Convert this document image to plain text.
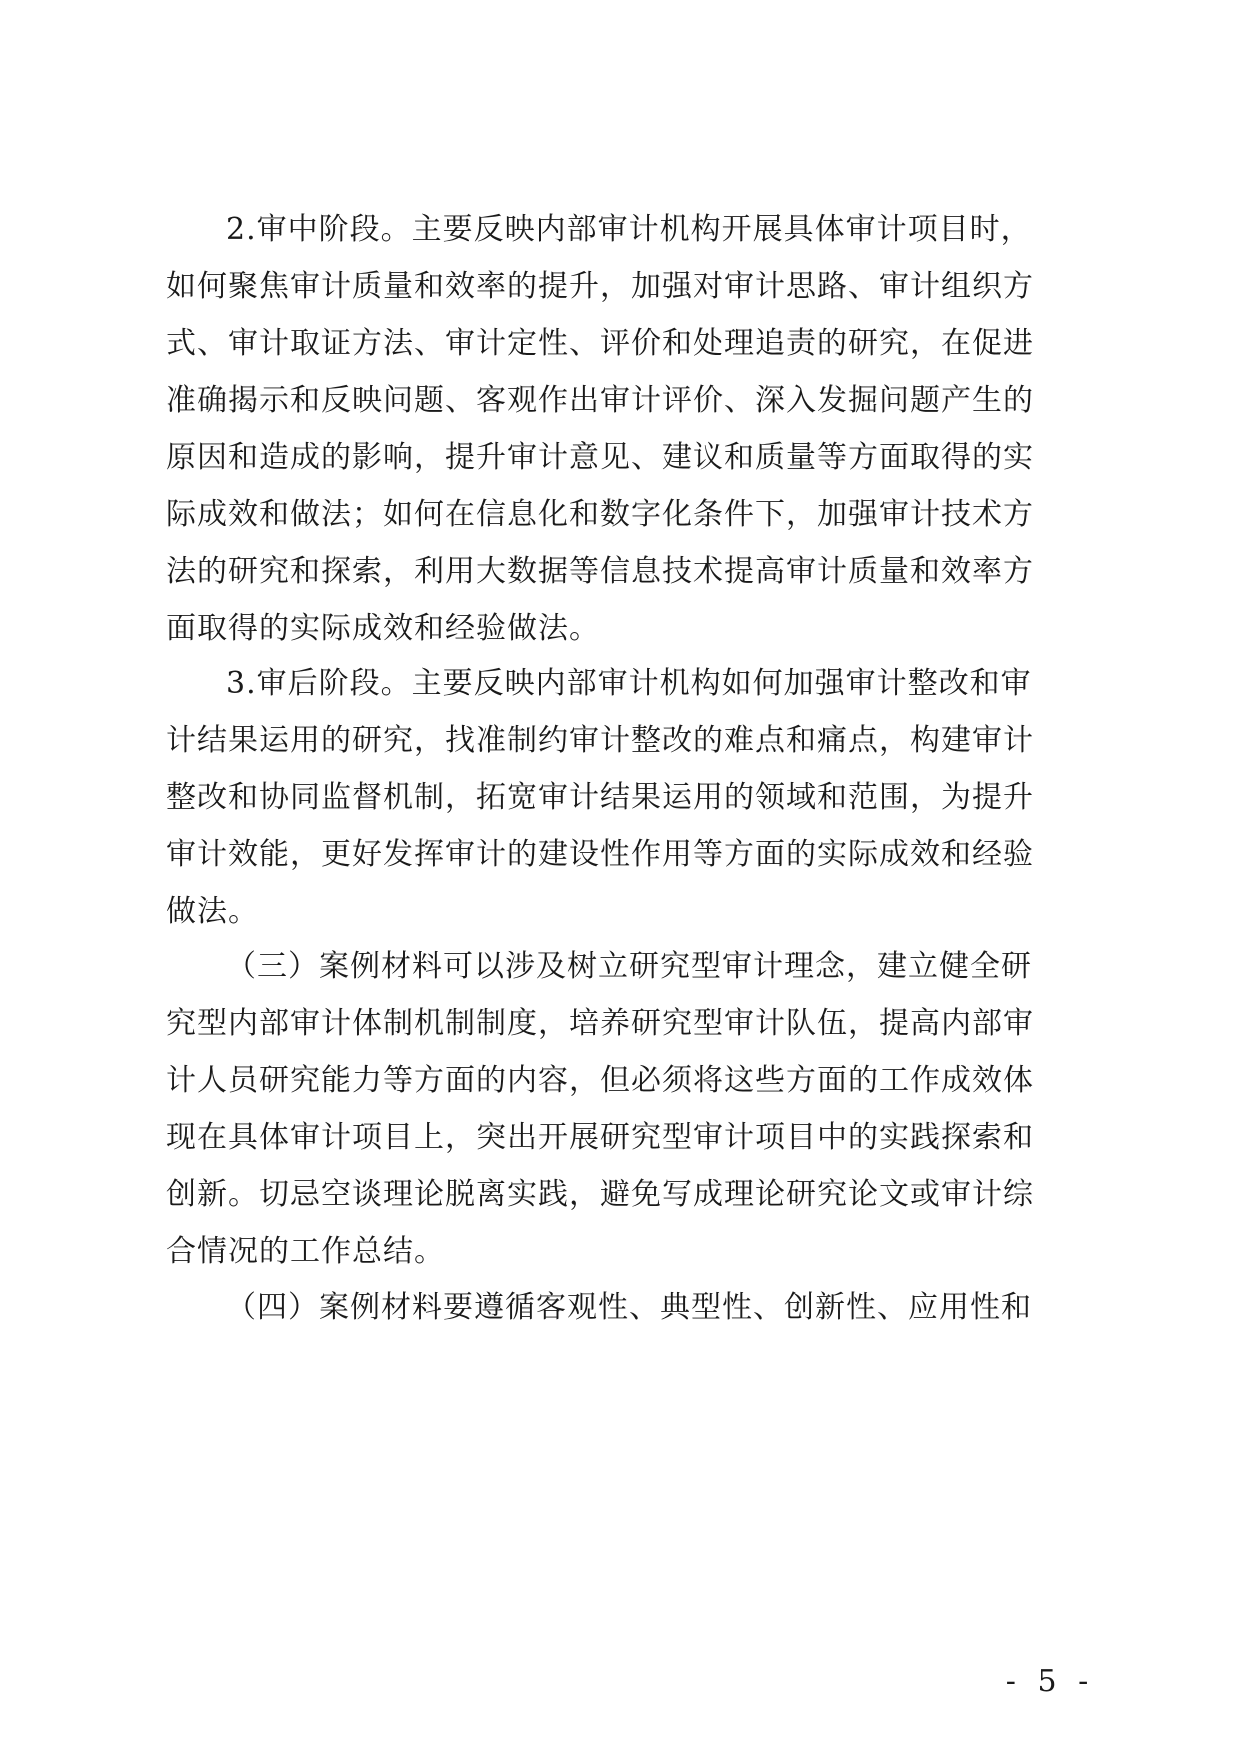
2.审中阶段。主要反映内部审计机构开展具体审计项目时，
如何聚焦审计质量和效率的提升，加强对审计思路、审计组织方
式、审计取证方法、审计定性、评价和处理追责的研究，在促进
准确揭示和反映问题、客观作出审计评价、深入发掘问题产生的
原因和造成的影响，提升审计意见、建议和质量等方面取得的实
际成效和做法；如何在信息化和数字化条件下，加强审计技术方
法的研究和探索，利用大数据等信息技术提高审计质量和效率方
面取得的实际成效和经验做法。
3.审后阶段。主要反映内部审计机构如何加强审计整改和审
计结果运用的研究，找准制约审计整改的难点和痛点，构建审计
整改和协同监督机制，拓宽审计结果运用的领域和范围，为提升
审计效能，更好发挥审计的建设性作用等方面的实际成效和经验
做法。
（三）案例材料可以涉及树立研究型审计理念，建立健全研
究型内部审计体制机制制度，培养研究型审计队伍，提高内部审
计人员研究能力等方面的内容，但必须将这些方面的工作成效体
现在具体审计项目上，突出开展研究型审计项目中的实践探索和
创新。切忌空谈理论脱离实践，避免写成理论研究论文或审计综
合情况的工作总结。
（四）案例材料要遵循客观性、典型性、创新性、应用性和
- 5 -
